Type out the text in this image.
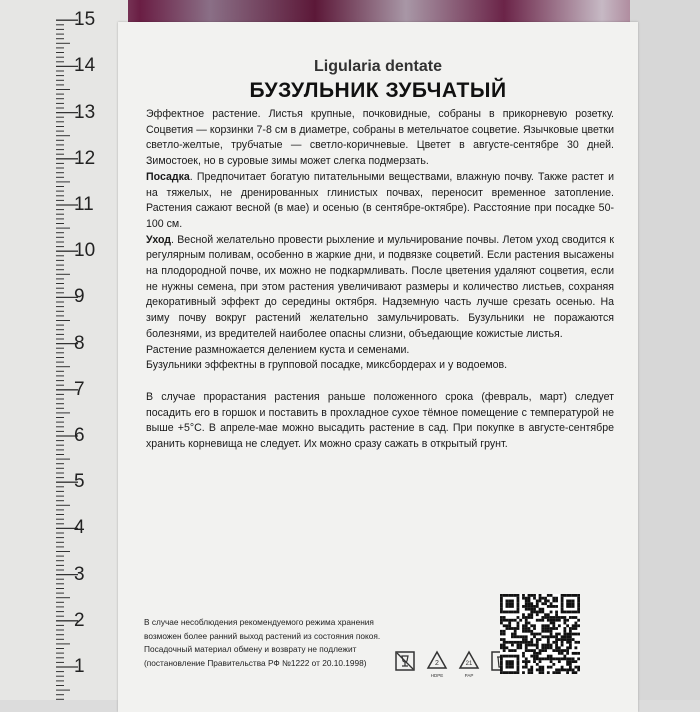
15
14
13
12
11
10
9
8
7
6
5
4
3
2
1
Ligularia dentate
БУЗУЛЬНИК ЗУБЧАТЫЙ

Эффектное растение. Листья крупные, почковидные, собраны в прикорневую розетку. Соцветия — корзинки 7-8 см в диаметре, собраны в метельчатое соцветие. Язычковые цветки светло-желтые, трубчатые — светло-коричневые. Цветет в августе-сентябре 30 дней. Зимостоек, но в суровые зимы может слегка подмерзать.

Посадка. Предпочитает богатую питательными веществами, влажную почву. Также растет и на тяжелых, не дренированных глинистых почвах, переносит временное затопление. Растения сажают весной (в мае) и осенью (в сентябре-октябре). Расстояние при посадке 50-100 см.

Уход. Весной желательно провести рыхление и мульчирование почвы. Летом уход сводится к регулярным поливам, особенно в жаркие дни, и подвязке соцветий. Если растения высажены на плодородной почве, их можно не подкармливать. После цветения удаляют соцветия, если не нужны семена, при этом растения увеличивают размеры и количество листьев, сохраняя декоративный эффект до середины октября. Надземную часть лучше срезать осенью. На зиму почву вокруг растений желательно замульчировать. Бузульники не поражаются болезнями, из вредителей наиболее опасны слизни, объедающие кожистые листья.

Растение размножается делением куста и семенами.

Бузульники эффектны в групповой посадке, миксбордерах и у водоемов.

В случае прорастания растения раньше положенного срока (февраль, март) следует посадить его в горшок и поставить в прохладное сухое тёмное помещение с температурой не выше +5°С. В апреле-мае можно высадить растение в сад. При покупке в августе-сентябре хранить корневища не следует. Их можно сразу сажать в открытый грунт.

В случае несоблюдения рекомендуемого режима хранения
возможен более ранний выход растений из состояния покоя.
Посадочный материал обмену и возврату не подлежит
(постановление Правительства РФ №1222 от 20.10.1998)	2
HDPE
21
PAP
